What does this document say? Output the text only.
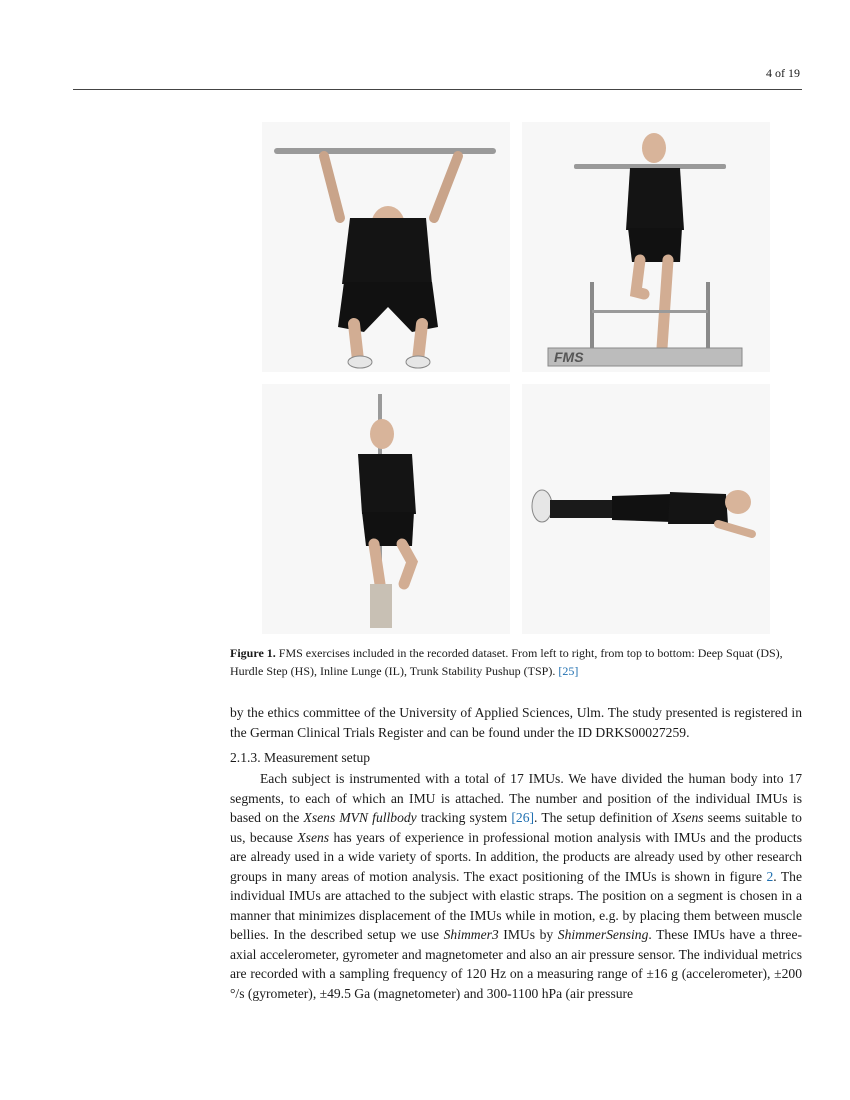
4 of 19
FMS
Figure 1. FMS exercises included in the recorded dataset. From left to right, from top to bottom: Deep Squat (DS), Hurdle Step (HS), Inline Lunge (IL), Trunk Stability Pushup (TSP). [25]
by the ethics committee of the University of Applied Sciences, Ulm. The study presented is registered in the German Clinical Trials Register and can be found under the ID DRKS00027259.
2.1.3. Measurement setup
Each subject is instrumented with a total of 17 IMUs. We have divided the human body into 17 segments, to each of which an IMU is attached. The number and position of the individual IMUs is based on the Xsens MVN fullbody tracking system [26]. The setup definition of Xsens seems suitable to us, because Xsens has years of experience in professional motion analysis with IMUs and the products are already used in a wide variety of sports. In addition, the products are already used by other research groups in many areas of motion analysis. The exact positioning of the IMUs is shown in figure 2. The individual IMUs are attached to the subject with elastic straps. The position on a segment is chosen in a manner that minimizes displacement of the IMUs while in motion, e.g. by placing them between muscle bellies. In the described setup we use Shimmer3 IMUs by ShimmerSensing. These IMUs have a three-axial accelerometer, gyrometer and magnetometer and also an air pressure sensor. The individual metrics are recorded with a sampling frequency of 120 Hz on a measuring range of ±16 g (accelerometer), ±200 °/s (gyrometer), ±49.5 Ga (magnetometer) and 300-1100 hPa (air pressure
